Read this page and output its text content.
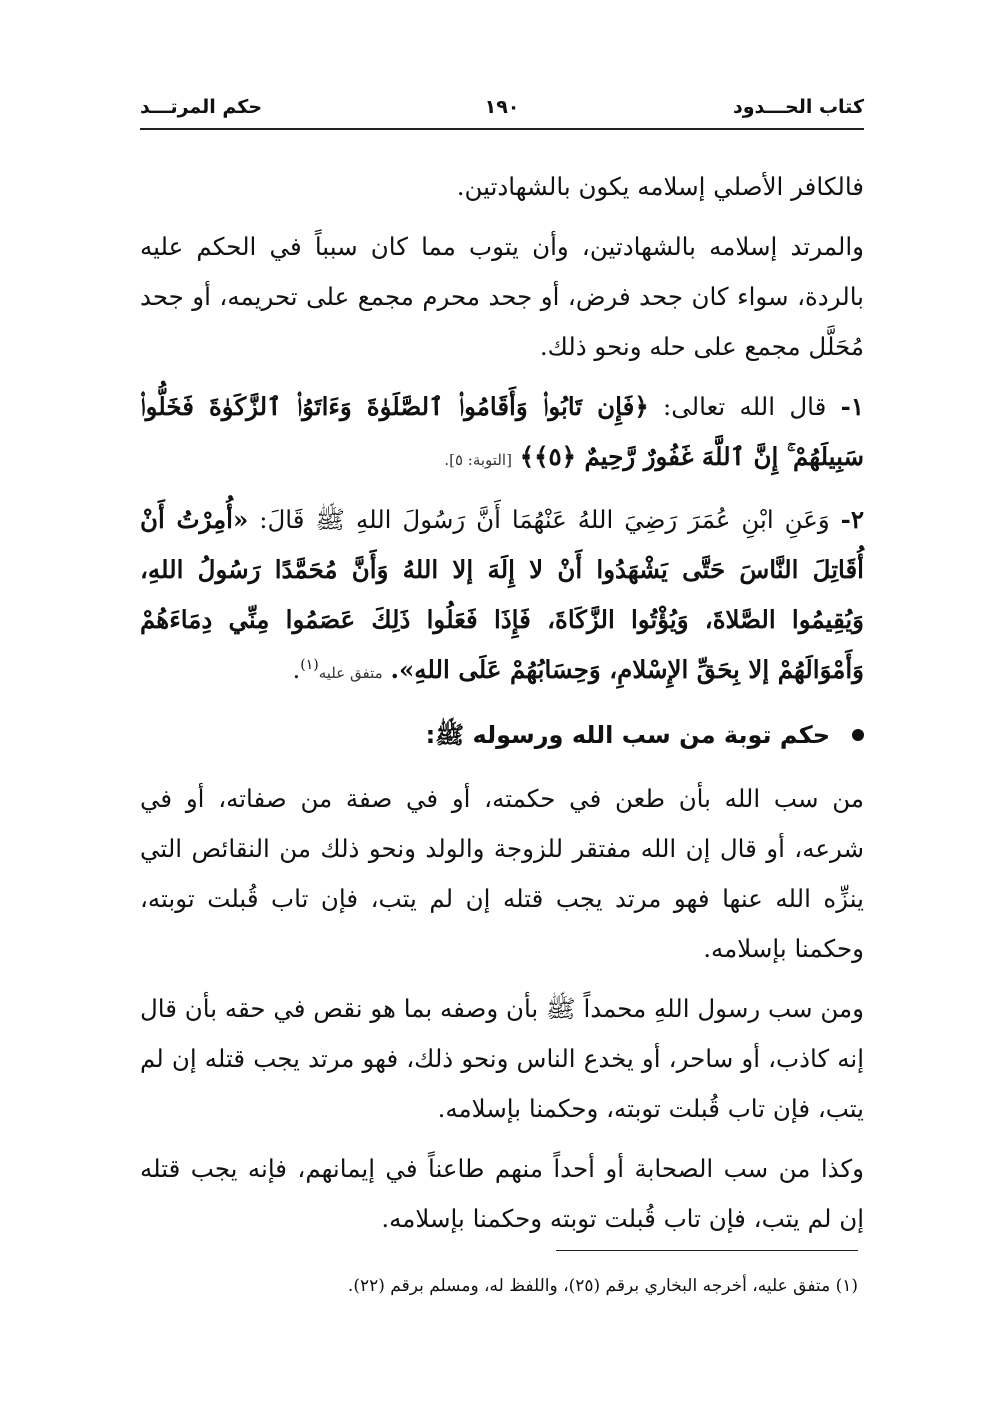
كتاب الحـــدود
١٩٠
حكم المرتـــد

فالكافر الأصلي إسلامه يكون بالشهادتين.

والمرتد إسلامه بالشهادتين، وأن يتوب مما كان سبباً في الحكم عليه بالردة، سواء كان جحد فرض، أو جحد محرم مجمع على تحريمه، أو جحد مُحَلَّل مجمع على حله ونحو ذلك.

١- قال الله تعالى: ﴿فَإِن تَابُوا۟ وَأَقَامُوا۟ ٱلصَّلَوٰةَ وَءَاتَوُا۟ ٱلزَّكَوٰةَ فَخَلُّوا۟ سَبِيلَهُمْ ۚ إِنَّ ٱللَّهَ غَفُورٌ رَّحِيمٌ ﴿٥﴾﴾ [التوبة: ٥].

٢- وَعَنِ ابْنِ عُمَرَ رَضِيَ اللهُ عَنْهُمَا أَنَّ رَسُولَ اللهِ ﷺ قَالَ: «أُمِرْتُ أَنْ أُقَاتِلَ النَّاسَ حَتَّى يَشْهَدُوا أَنْ لا إِلَهَ إلا اللهُ وَأَنَّ مُحَمَّدًا رَسُولُ اللهِ، وَيُقِيمُوا الصَّلاةَ، وَيُؤْتُوا الزَّكَاةَ، فَإِذَا فَعَلُوا ذَلِكَ عَصَمُوا مِنِّي دِمَاءَهُمْ وَأَمْوَالَهُمْ إلا بِحَقِّ الإِسْلامِ، وَحِسَابُهُمْ عَلَى اللهِ». متفق عليه$^{(١)}$.

حكم توبة من سب الله ورسوله ﷺ:

من سب الله بأن طعن في حكمته، أو في صفة من صفاته، أو في شرعه، أو قال إن الله مفتقر للزوجة والولد ونحو ذلك من النقائص التي ينزِّه الله عنها فهو مرتد يجب قتله إن لم يتب، فإن تاب قُبلت توبته، وحكمنا بإسلامه.

ومن سب رسول اللهِ محمداً ﷺ بأن وصفه بما هو نقص في حقه بأن قال إنه كاذب، أو ساحر، أو يخدع الناس ونحو ذلك، فهو مرتد يجب قتله إن لم يتب، فإن تاب قُبلت توبته، وحكمنا بإسلامه.

وكذا من سب الصحابة أو أحداً منهم طاعناً في إيمانهم، فإنه يجب قتله إن لم يتب، فإن تاب قُبلت توبته وحكمنا بإسلامه.

(١) متفق عليه، أخرجه البخاري برقم (٢٥)، واللفظ له، ومسلم برقم (٢٢).
